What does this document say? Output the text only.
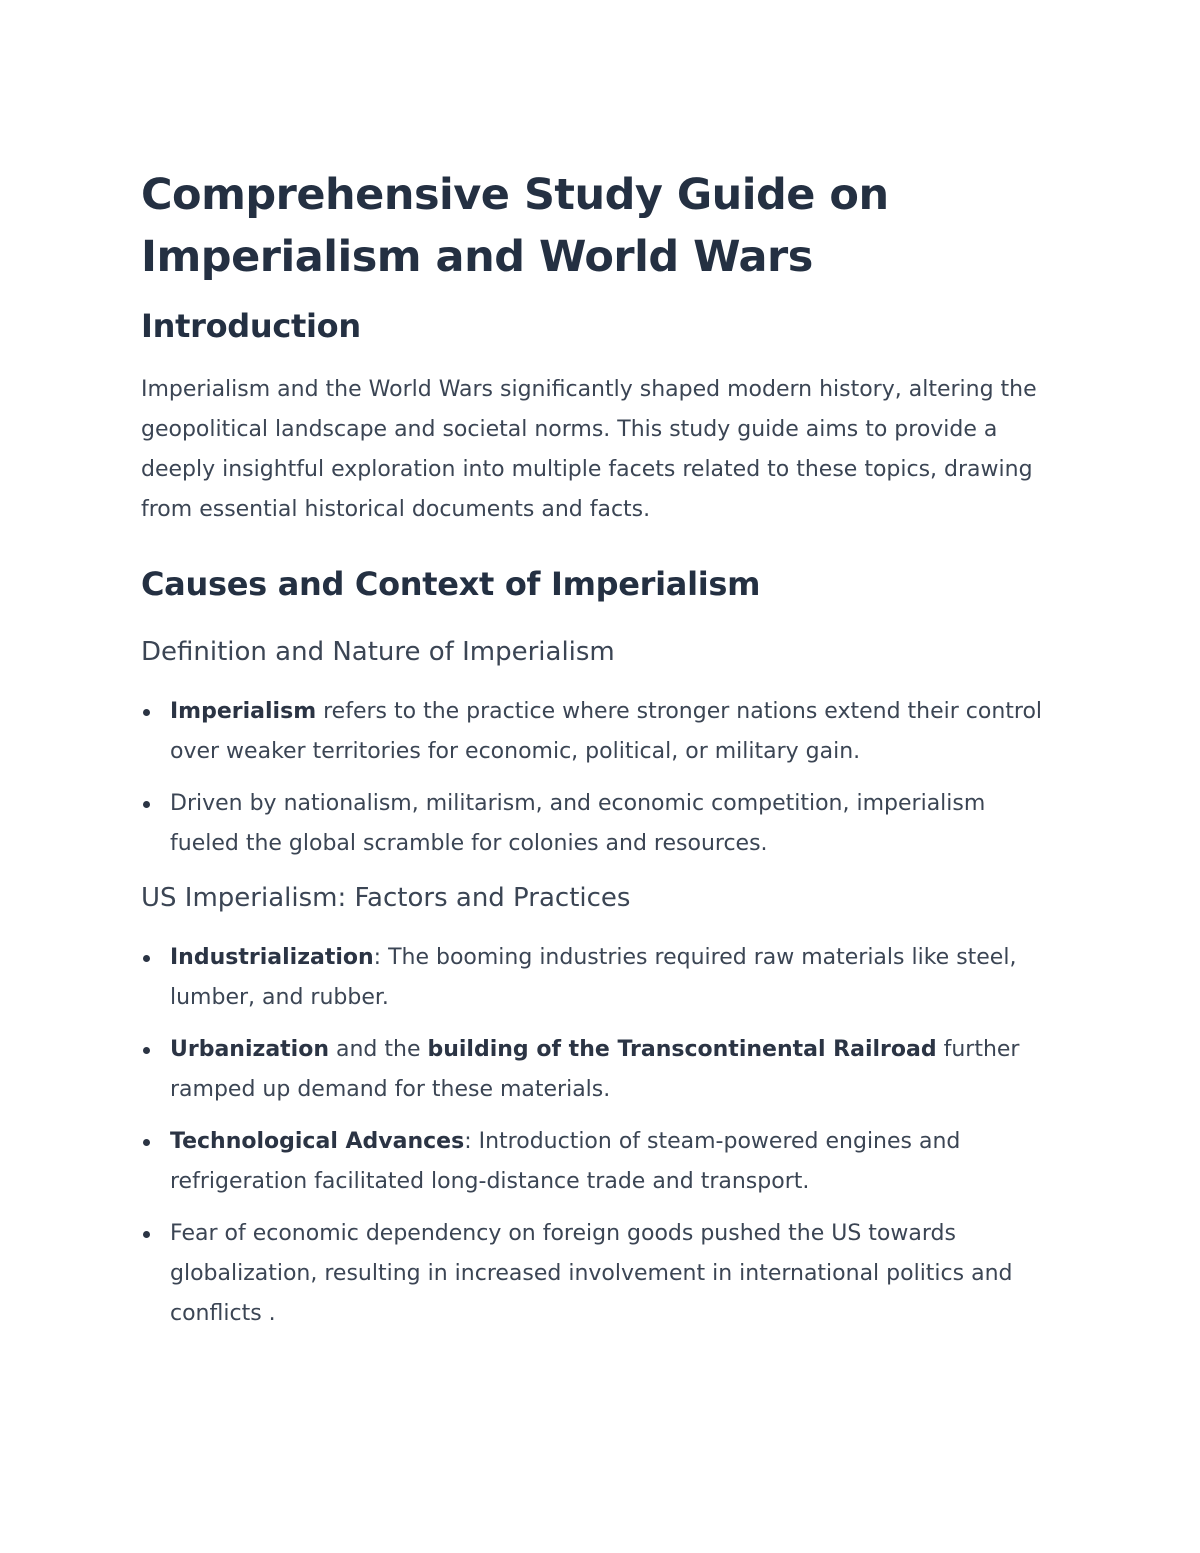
Comprehensive Study Guide on Imperialism and World Wars
Introduction

Imperialism and the World Wars significantly shaped modern history, altering the geopolitical landscape and societal norms. This study guide aims to provide a deeply insightful exploration into multiple facets related to these topics, drawing from essential historical documents and facts.

Causes and Context of Imperialism
Definition and Nature of Imperialism
Imperialism refers to the practice where stronger nations extend their control over weaker territories for economic, political, or military gain.
Driven by nationalism, militarism, and economic competition, imperialism fueled the global scramble for colonies and resources.
US Imperialism: Factors and Practices
Industrialization: The booming industries required raw materials like steel, lumber, and rubber.
Urbanization and the building of the Transcontinental Railroad further ramped up demand for these materials.
Technological Advances: Introduction of steam-powered engines and refrigeration facilitated long-distance trade and transport.
Fear of economic dependency on foreign goods pushed the US towards globalization, resulting in increased involvement in international politics and conflicts .
